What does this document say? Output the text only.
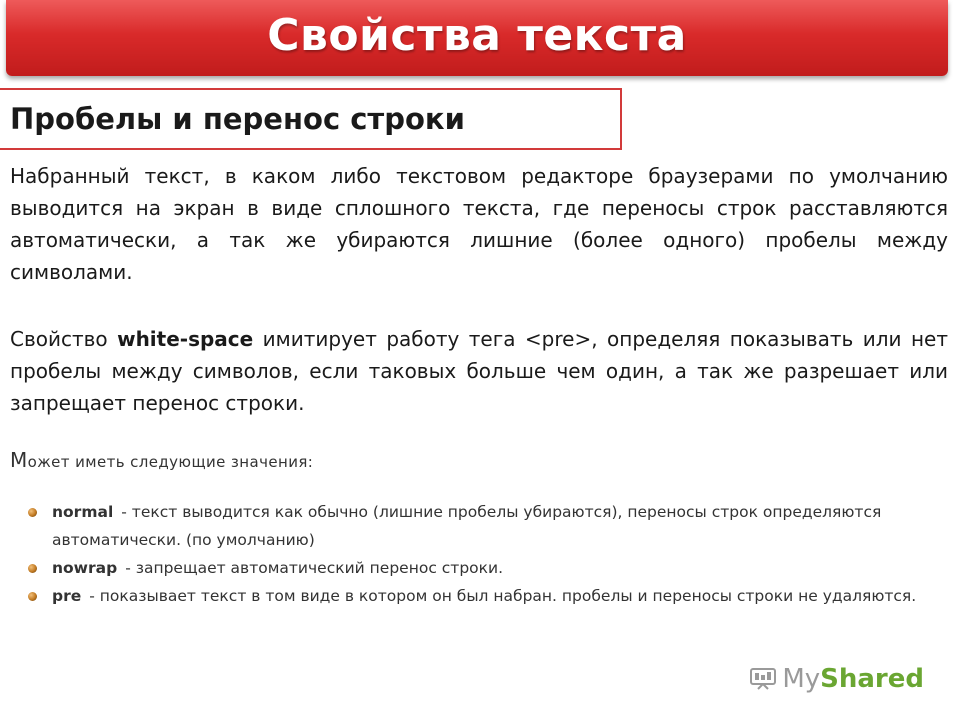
Свойства текста
Пробелы и перенос строки

Набранный текст, в каком либо текстовом редакторе браузерами по умолчанию выводится на экран в виде сплошного текста, где переносы строк расставляются автоматически, а так же убираются лишние (более одного) пробелы между символами.

Свойство white-space имитирует работу тега <pre>, определяя показывать или нет пробелы между символов, если таковых больше чем один, а так же разрешает или запрещает перенос строки.

Может иметь следующие значения:

normal - текст выводится как обычно (лишние пробелы убираются), переносы строк определяются автоматически. (по умолчанию)
nowrap - запрещает автоматический перенос строки.
pre - показывает текст в том виде в котором он был набран. пробелы и переносы строки не удаляются.
My Shared
